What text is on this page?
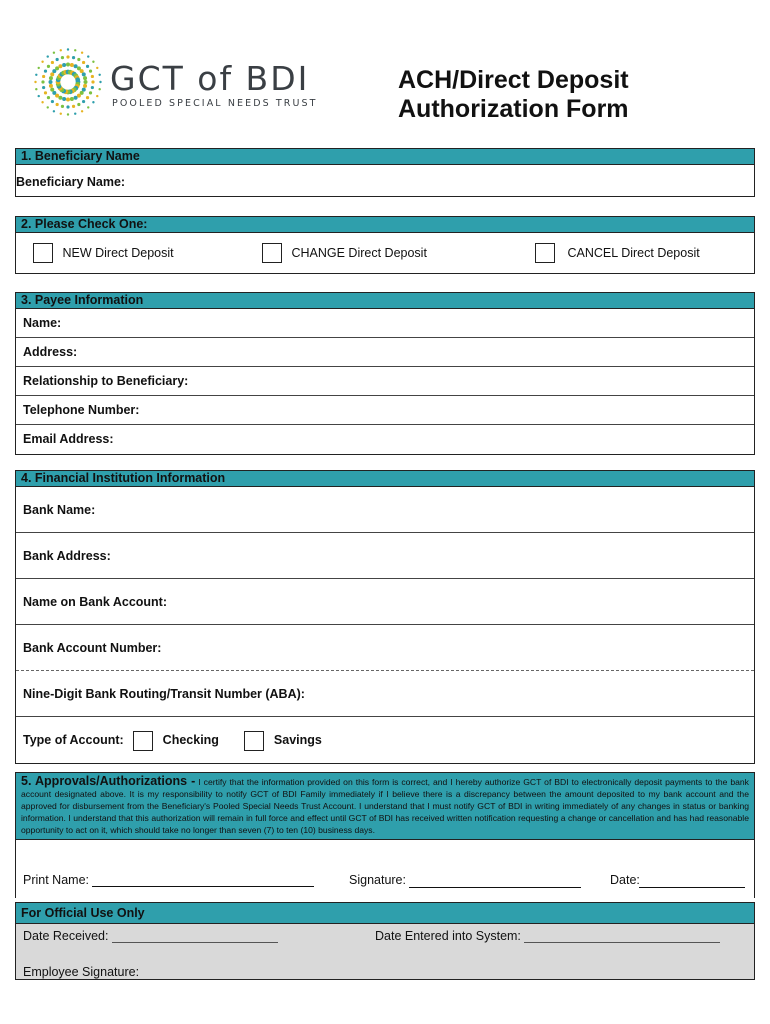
GCT of BDI
POOLED SPECIAL NEEDS TRUST
ACH/Direct Deposit
Authorization Form
1. Beneficiary Name
Beneficiary Name:
2. Please Check One:
NEW Direct Deposit	CHANGE Direct Deposit	CANCEL Direct Deposit
3. Payee Information
Name:
Address:
Relationship to Beneficiary:
Telephone Number:
Email Address:
4. Financial Institution Information
Bank Name:
Bank Address:
Name on Bank Account:
Bank Account Number:
Nine-Digit Bank Routing/Transit Number (ABA):
Type of Account:	Checking	Savings
5. Approvals/Authorizations - I certify that the information provided on this form is correct, and I hereby authorize GCT of BDI to electronically deposit payments to the bank account designated above. It is my responsibility to notify GCT of BDI Family immediately if I believe there is a discrepancy between the amount deposited to my bank account and the approved for disbursement from the Beneficiary's Pooled Special Needs Trust Account. I understand that I must notify GCT of BDI in writing immediately of any changes in status or banking information. I understand that this authorization will remain in full force and effect until GCT of BDI has received written notification requesting a change or cancellation and has had reasonable opportunity to act on it, which should take no longer than seven (7) to ten (10) business days.
Print Name:	Signature:	Date:
For Official Use Only
Date Received:	Date Entered into System:
Employee Signature:
